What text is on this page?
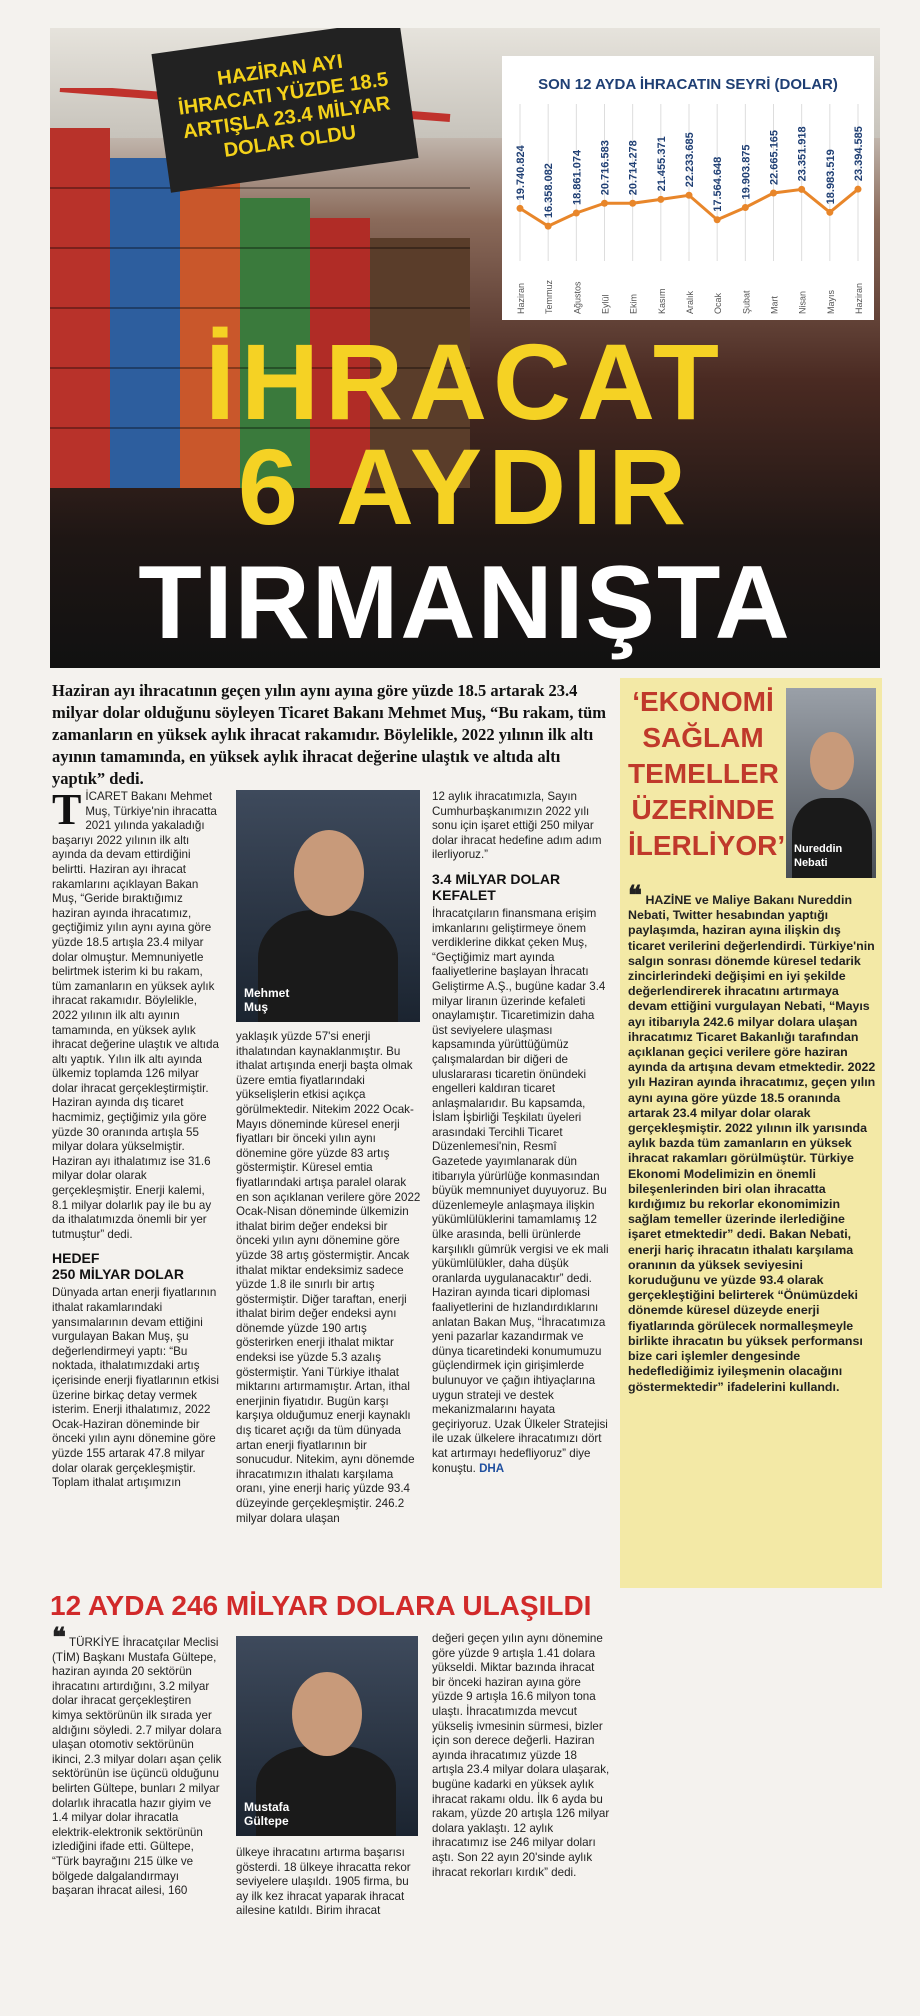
HAZİRAN AYI
İHRACATI YÜZDE 18.5
ARTIŞLA 23.4 MİLYAR
DOLAR OLDU
SON 12 AYDA İHRACATIN SEYRİ (DOLAR)
19.740.824
Haziran
16.358.082
Temmuz
18.861.074
Ağustos
20.716.583
Eylül
20.714.278
Ekim
21.455.371
Kasım
22.233.685
Aralık
17.564.648
Ocak
19.903.875
Şubat
22.665.165
Mart
23.351.918
Nisan
18.983.519
Mayıs
23.394.585
Haziran
İHRACAT
6 AYDIR
TIRMANIŞTA
Haziran ayı ihracatının geçen yılın aynı ayına göre yüzde 18.5 artarak 23.4 milyar dolar olduğunu söyleyen Ticaret Bakanı Mehmet Muş, “Bu rakam, tüm zamanların en yüksek aylık ihracat rakamıdır. Böylelikle, 2022 yılının ilk altı ayının tamamında, en yüksek aylık ihracat değerine ulaştık ve altıda altı yaptık” dedi.

TİCARET Bakanı Mehmet Muş, Türkiye'nin ihracatta 2021 yılında yakaladığı başarıyı 2022 yılının ilk altı ayında da devam ettirdiğini belirtti. Haziran ayı ihracat rakamlarını açıklayan Bakan Muş, “Geride bıraktığımız haziran ayında ihracatımız, geçtiğimiz yılın aynı ayına göre yüzde 18.5 artışla 23.4 milyar dolar olmuştur. Memnuniyetle belirtmek isterim ki bu rakam, tüm zamanların en yüksek aylık ihracat rakamıdır. Böylelikle, 2022 yılının ilk altı ayının tamamında, en yüksek aylık ihracat değerine ulaştık ve altıda altı yaptık. Yılın ilk altı ayında ülkemiz toplamda 126 milyar dolar ihracat gerçekleştirmiştir. Haziran ayında dış ticaret hacmimiz, geçtiğimiz yıla göre yüzde 30 oranında artışla 55 milyar dolara yükselmiştir. Haziran ayı ithalatımız ise 31.6 milyar dolar olarak gerçekleşmiştir. Enerji kalemi, 8.1 milyar dolarlık pay ile bu ay da ithalatımızda önemli bir yer tutmuştur” dedi.

HEDEF
250 MİLYAR DOLAR

Dünyada artan enerji fiyatlarının ithalat rakamlarındaki yansımalarının devam ettiğini vurgulayan Bakan Muş, şu değerlendirmeyi yaptı: “Bu noktada, ithalatımızdaki artış içerisinde enerji fiyatlarının etkisi üzerine birkaç detay vermek isterim. Enerji ithalatımız, 2022 Ocak-Haziran döneminde bir önceki yılın aynı dönemine göre yüzde 155 artarak 47.8 milyar dolar olarak gerçekleşmiştir. Toplam ithalat artışımızın

Mehmet
Muş

yaklaşık yüzde 57'si enerji ithalatından kaynaklanmıştır. Bu ithalat artışında enerji başta olmak üzere emtia fiyatlarındaki yükselişlerin etkisi açıkça görülmektedir. Nitekim 2022 Ocak-Mayıs döneminde küresel enerji fiyatları bir önceki yılın aynı dönemine göre yüzde 83 artış göstermiştir. Küresel emtia fiyatlarındaki artışa paralel olarak en son açıklanan verilere göre 2022 Ocak-Nisan döneminde ülkemizin ithalat birim değer endeksi bir önceki yılın aynı dönemine göre yüzde 38 artış göstermiştir. Ancak ithalat miktar endeksimiz sadece yüzde 1.8 ile sınırlı bir artış göstermiştir. Diğer taraftan, enerji ithalat birim değer endeksi aynı dönemde yüzde 190 artış gösterirken enerji ithalat miktar endeksi ise yüzde 5.3 azalış göstermiştir. Yani Türkiye ithalat miktarını artırmamıştır. Artan, ithal enerjinin fiyatıdır. Bugün karşı karşıya olduğumuz enerji kaynaklı dış ticaret açığı da tüm dünyada artan enerji fiyatlarının bir sonucudur. Nitekim, aynı dönemde ihracatımızın ithalatı karşılama oranı, yine enerji hariç yüzde 93.4 düzeyinde gerçekleşmiştir. 246.2 milyar dolara ulaşan

12 aylık ihracatımızla, Sayın Cumhurbaşkanımızın 2022 yılı sonu için işaret ettiği 250 milyar dolar ihracat hedefine adım adım ilerliyoruz.”

3.4 MİLYAR DOLAR
KEFALET

İhracatçıların finansmana erişim imkanlarını geliştirmeye önem verdiklerine dikkat çeken Muş, “Geçtiğimiz mart ayında faaliyetlerine başlayan İhracatı Geliştirme A.Ş., bugüne kadar 3.4 milyar liranın üzerinde kefaleti onaylamıştır. Ticaretimizin daha üst seviyelere ulaşması kapsamında yürüttüğümüz çalışmalardan bir diğeri de uluslararası ticaretin önündeki engelleri kaldıran ticaret anlaşmalarıdır. Bu kapsamda, İslam İşbirliği Teşkilatı üyeleri arasındaki Tercihli Ticaret Düzenlemesi'nin, Resmî Gazetede yayımlanarak dün itibarıyla yürürlüğe konmasından büyük memnuniyet duyuyoruz. Bu düzenlemeyle anlaşmaya ilişkin yükümlülüklerini tamamlamış 12 ülke arasında, belli ürünlerde karşılıklı gümrük vergisi ve ek mali yükümlülükler, daha düşük oranlarda uygulanacaktır” dedi. Haziran ayında ticari diplomasi faaliyetlerini de hızlandırdıklarını anlatan Bakan Muş, “İhracatımıza yeni pazarlar kazandırmak ve dünya ticaretindeki konumumuzu güçlendirmek için girişimlerde bulunuyor ve çağın ihtiyaçlarına uygun strateji ve destek mekanizmalarını hayata geçiriyoruz. Uzak Ülkeler Stratejisi ile uzak ülkelere ihracatımızı dört kat artırmayı hedefliyoruz” diye konuştu. DHA

‘EKONOMİ
SAĞLAM
TEMELLER
ÜZERİNDE
İLERLİYOR’ Nureddin
Nebati
❝ HAZİNE ve Maliye Bakanı Nureddin Nebati, Twitter hesabından yaptığı paylaşımda, haziran ayına ilişkin dış ticaret verilerini değerlendirdi. Türkiye'nin salgın sonrası dönemde küresel tedarik zincirlerindeki değişimi en iyi şekilde değerlendirerek ihracatını artırmaya devam ettiğini vurgulayan Nebati, “Mayıs ayı itibarıyla 242.6 milyar dolara ulaşan ihracatımız Ticaret Bakanlığı tarafından açıklanan geçici verilere göre haziran ayında da artışına devam etmektedir. 2022 yılı Haziran ayında ihracatımız, geçen yılın aynı ayına göre yüzde 18.5 oranında artarak 23.4 milyar dolar olarak gerçekleşmiştir. 2022 yılının ilk yarısında aylık bazda tüm zamanların en yüksek ihracat rakamları görülmüştür. Türkiye Ekonomi Modelimizin en önemli bileşenlerinden biri olan ihracatta kırdığımız bu rekorlar ekonomimizin sağlam temeller üzerinde ilerlediğine işaret etmektedir” dedi. Bakan Nebati, enerji hariç ihracatın ithalatı karşılama oranının da yüksek seviyesini koruduğunu ve yüzde 93.4 olarak gerçekleştiğini belirterek “Önümüzdeki dönemde küresel düzeyde enerji fiyatlarında görülecek normalleşmeyle birlikte ihracatın bu yüksek performansı bize cari işlemler dengesinde hedeflediğimiz iyileşmenin olacağını göstermektedir” ifadelerini kullandı.
12 AYDA 246 MİLYAR DOLARA ULAŞILDI

❝ TÜRKİYE İhracatçılar Meclisi (TİM) Başkanı Mustafa Gültepe, haziran ayında 20 sektörün ihracatını artırdığını, 3.2 milyar dolar ihracat gerçekleştiren kimya sektörünün ilk sırada yer aldığını söyledi. 2.7 milyar dolara ulaşan otomotiv sektörünün ikinci, 2.3 milyar doları aşan çelik sektörünün ise üçüncü olduğunu belirten Gültepe, bunları 2 milyar dolarlık ihracatla hazır giyim ve 1.4 milyar dolar ihracatla elektrik-elektronik sektörünün izlediğini ifade etti. Gültepe, “Türk bayrağını 215 ülke ve bölgede dalgalandırmayı başaran ihracat ailesi, 160

Mustafa
Gültepe

ülkeye ihracatını artırma başarısı gösterdi. 18 ülkeye ihracatta rekor seviyelere ulaşıldı. 1905 firma, bu ay ilk kez ihracat yaparak ihracat ailesine katıldı. Birim ihracat

değeri geçen yılın aynı dönemine göre yüzde 9 artışla 1.41 dolara yükseldi. Miktar bazında ihracat bir önceki haziran ayına göre yüzde 9 artışla 16.6 milyon tona ulaştı. İhracatımızda mevcut yükseliş ivmesinin sürmesi, bizler için son derece değerli. Haziran ayında ihracatımız yüzde 18 artışla 23.4 milyar dolara ulaşarak, bugüne kadarki en yüksek aylık ihracat rakamı oldu. İlk 6 ayda bu rakam, yüzde 20 artışla 126 milyar dolara yaklaştı. 12 aylık ihracatımız ise 246 milyar doları aştı. Son 22 ayın 20'sinde aylık ihracat rekorları kırdık” dedi.
